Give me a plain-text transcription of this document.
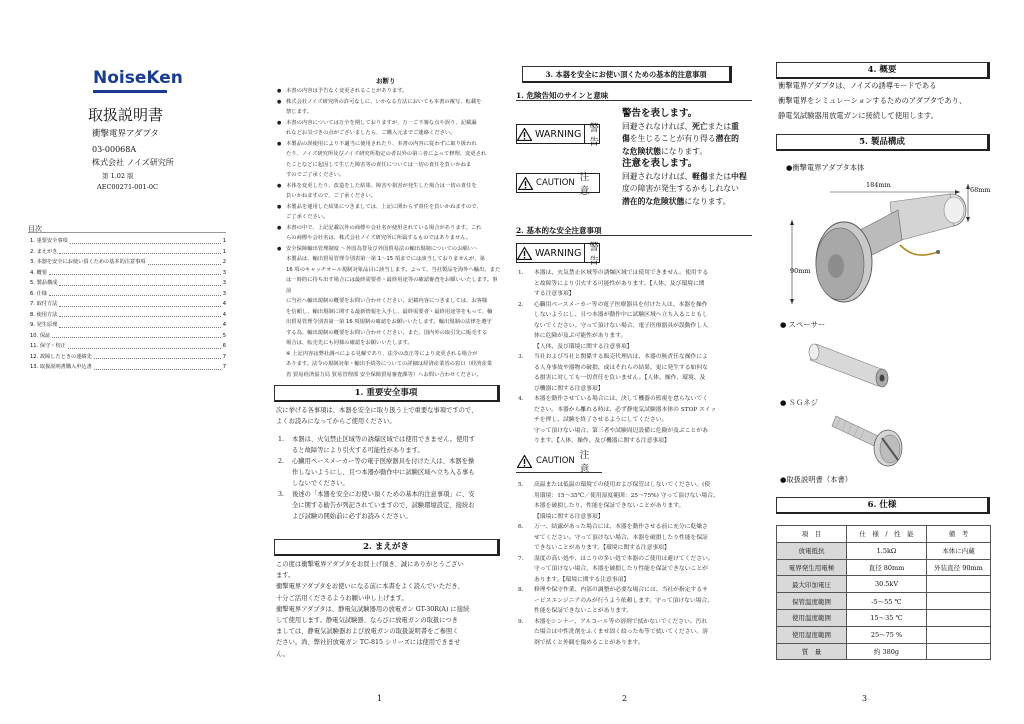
NoiseKen
取扱説明書
衝撃電界アダプタ
03-00068A
株式会社 ノイズ研究所
第 1.02 版
AEC00271-001-0C
目次
1. 重要安全事項	1
2. まえがき	1
3. 本器を安全にお使い頂くための基本的注意事項	2
4. 概要	3
5. 製品構成	3
6. 仕様	3
7. 取付方法	4
8. 使用方法	4
9. 発生原理	4
10. 保証	5
11. 保守・校正	6
12. 故障したときの連絡先	7
13. 取扱説明書購入申込書	7
1
お断り
● 本書の内容は予告なく変更されることがあります。
● 株式会社ノイズ研究所の許可なしに、いかなる方法においても本書の複写、転載を
禁じます。
● 本書の内容については万全を期しておりますが、万一ご不審な点や誤り、記載漏
れなどお気づきの点がございましたら、ご購入元までご連絡ください。
● 本製品の誤使用により不適当に使用されたり、本書の内容に従わずに取り扱われ
たり、ノイズ研究所及びノイズ研究所指定の者以外の第三者によって修理、変更され
たことなどに起因して生じた障害等の責任については一切の責任を負いかねま
すのでご了承ください。
● 本体を変更したり、改造をした結果、障害や損害が発生した場合は一切の責任を
負いかねますので、ご了承ください。
● 本製品を運用した結果につきましては、上記に関わらず責任を負いかねますので、
ご了承ください。
● 本書の中で、上記記載以外の商標や会社名が使用されている場合があります。これ
らの商標や会社名は、株式会社ノイズ研究所に所属するものではありません。
● 安全保障輸出管理制度 ～外国為替及び外国貿易法の輸出規制についてのお願い～
本製品は、輸出貿易管理令別表第一第 1～15 項までには該当しておりませんが、第
16 項のキャッチオール規制対象品目に該当します。よって、当社製品を海外へ輸出、また
は一時的に持ち出す場合には最終需要者・最終用途等の確認審査をお願いいたします。事前
に当社へ輸出規制の概要をお問い合わせください。記載内容につきましては、お客様
を信頼し、輸出規制に関する最新情報を入手し、最終需要者・最終用途等をもって、輸
出貿易管理令別表第一第 16 項規制の確認をお願いいたします。輸出規制の法律を遵守
する為、輸出規制の概要をお問い合わせください。また、国内外の取引先に販売する
場合は、転売先にも同様の確認をお願いいたします。
※ 上記内容は弊社調べによる見解であり、法令の改正等により変更される場合が
あります。法令の規制対象・輸出手続等についての詳細は経済産業省の窓口（経済産業
省 貿易経済協力局 貿易管理部 安全保障貿易審査課等）へお問い合わせください。
1. 重要安全事項
次に挙げる各事項は、本器を安全に取り扱う上で重要な事項ですので、
よくお読みになってからご使用ください。
1. 本器は、火気禁止区域等の誘爆区域では使用できません。使用す
ると故障等により引火する可能性があります。
2. 心臓用ペースメーカー等の電子医療器具を付けた人は、本器を操
作しないようにし、且つ本器が動作中に試験区域へ立ち入る事も
しないでください。
3. 後述の「本器を安全にお使い頂くための基本的注意事項」に、安
全に関する勧告が列記されていますので、試験環境設定、接続お
よび試験の開始前に必ずお読みください。
2. まえがき
この度は衝撃電界アダプタをお買上げ頂き、誠にありがとうござい
ます。
衝撃電界アダプタをお使いになる前に本書をよく読んでいただき、
十分ご活用くださるようお願い申し上げます。
衝撃電界アダプタは、静電気試験器用の放電ガン GT-30R(A) に接続
して使用します。静電気試験器、ならびに放電ガンの取扱につき
ましては、静電気試験器および放電ガンの取扱説明書をご参照く
ださい。尚、弊社旧放電ガン TC-815 シリーズには使用できませ
ん。
2
3. 本器を安全にお使い頂くための基本的注意事項
1. 危険告知のサインと意味
WARNING 警告
警告を表します。
回避されなければ、死亡または重
傷を生じることが有り得る潜在的
な危険状態になります。
CAUTION 注意
注意を表します。
回避されなければ、軽傷または中程
度の障害が発生するかもしれない
潜在的な危険状態になります。
2. 基本的な安全注意事項
WARNING 警告
1. 本器は、火気禁止区域等の誘爆区域では使用できません。使用する
と故障等により引火する可能性があります。【人体、及び環境に関
する注意事項】
2. 心臓用ペースメーカー等の電子医療器具を付けた人は、本器を操作
しないようにし、且つ本器が動作中に試験区域へ立ち入ることもし
ないでください。守って頂けない場合、電子医療器具が誤動作し人
体に危険が及ぶ可能性があります。
【人体、及び環境に関する注意事項】
3. 当社および当社と関係する販売代理店は、本器の無責任な操作によ
る人身事故や器物の破損、或はそれらの結果、更に発生する如何な
る損害に対しても一切責任を負いません。【人体、操作、環境、及
び機器に関する注意事項】
4. 本器を動作させている場合には、決して機器の監視を怠らないでく
ださい。本器から離れる時は、必ず静電気試験器本体の STOP スイッ
チを押し、試験を終了させるようにしてください。
守って頂けない場合、第三者や試験周辺設備に危険が及ぶことがあ
ります。【人体、操作、及び機器に関する注意事項】
CAUTION 注意
5. 高温または低温の環境での使用および保管はしないでください。(使
用環境：15～35℃／使用湿度範囲：25～75%) 守って頂けない場合、
本器を破損したり、性能を保証できないことがあります。
【環境に関する注意事項】
6. 万一、結露があった場合には、本器を動作させる前に充分に乾燥さ
せてください。守って頂けない場合、本器を破損したり性能を保証
できないことがあります。【環境に関する注意事項】
7. 湿度の高い処や、ほこりの多い処で本器のご使用は避けてください。
守って頂けない場合、本器を破損したり性能を保証できないことが
あります。【環境に関する注意事項】
8. 修理や保守作業、内部の調整が必要な場合には、当社が指定するサ
ービスエンジニアのみが行うよう依頼します。守って頂けない場合、
性能を保証できないことがあります。
9. 本器をシンナー、アルコール等の溶剤で拭かないでください。汚れ
た場合は中性洗剤をふくませ固く絞った布等で拭いてください。溶
剤で拭くと外観を傷めることがあります。
4. 概要
衝撃電界アダプタは、ノイズの誘導モードである
衝撃電界をシミュレーションするためのアダプタであり、
静電気試験器用放電ガンに接続して使用します。
5. 製品構成
●衝撃電界アダプタ本体
184mm
68mm
90mm
● スペーサー
● ＳＧネジ
●取扱説明書（本書）
6. 仕様
項　目	仕　様　/　性　能	備　考
放電抵抗	1.5kΩ	本体に内蔵
電界発生用電極	直径 80mm	外装直径 90mm
最大印加電圧	30.5kV	
保管温度範囲	-5～55 ℃	
使用温度範囲	15～35 ℃	
使用湿度範囲	25～75 %	
質　量	約 380g	
3
